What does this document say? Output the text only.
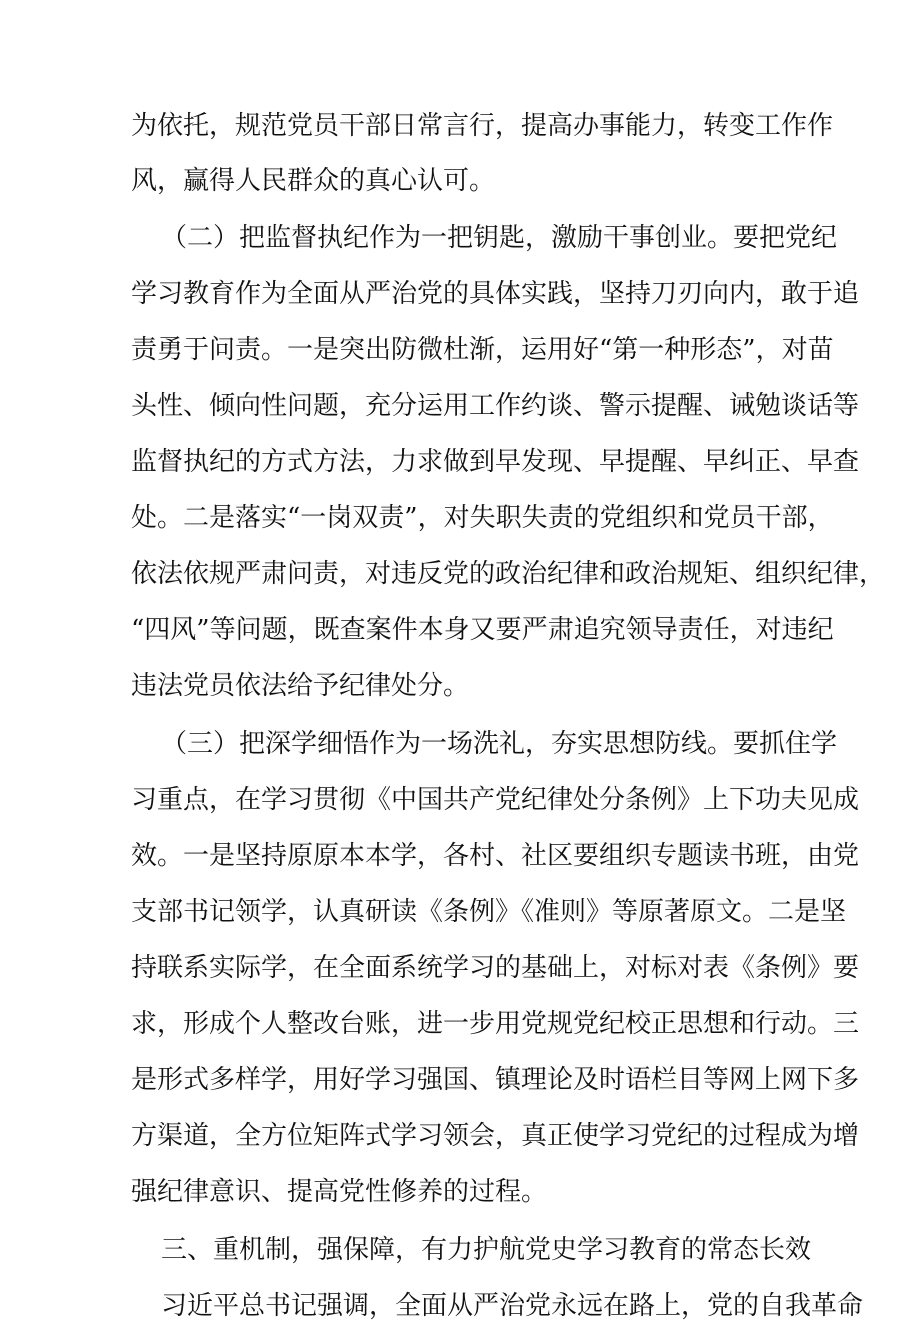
为依托，规范党员干部日常言行，提高办事能力，转变工作作

风，赢得人民群众的真心认可。

（二）把监督执纪作为一把钥匙，激励干事创业。要把党纪

学习教育作为全面从严治党的具体实践，坚持刀刃向内，敢于追

责勇于问责。一是突出防微杜渐，运用好“第一种形态”，对苗

头性、倾向性问题，充分运用工作约谈、警示提醒、诫勉谈话等

监督执纪的方式方法，力求做到早发现、早提醒、早纠正、早查

处。二是落实“一岗双责”，对失职失责的党组织和党员干部，

依法依规严肃问责，对违反党的政治纪律和政治规矩、组织纪律，

“四风”等问题，既查案件本身又要严肃追究领导责任，对违纪

违法党员依法给予纪律处分。

（三）把深学细悟作为一场洗礼，夯实思想防线。要抓住学

习重点，在学习贯彻《中国共产党纪律处分条例》上下功夫见成

效。一是坚持原原本本学，各村、社区要组织专题读书班，由党

支部书记领学，认真研读《条例》《准则》等原著原文。二是坚

持联系实际学，在全面系统学习的基础上，对标对表《条例》要

求，形成个人整改台账，进一步用党规党纪校正思想和行动。三

是形式多样学，用好学习强国、镇理论及时语栏目等网上网下多

方渠道，全方位矩阵式学习领会，真正使学习党纪的过程成为增

强纪律意识、提高党性修养的过程。

三、重机制，强保障，有力护航党史学习教育的常态长效

习近平总书记强调，全面从严治党永远在路上，党的自我革命
